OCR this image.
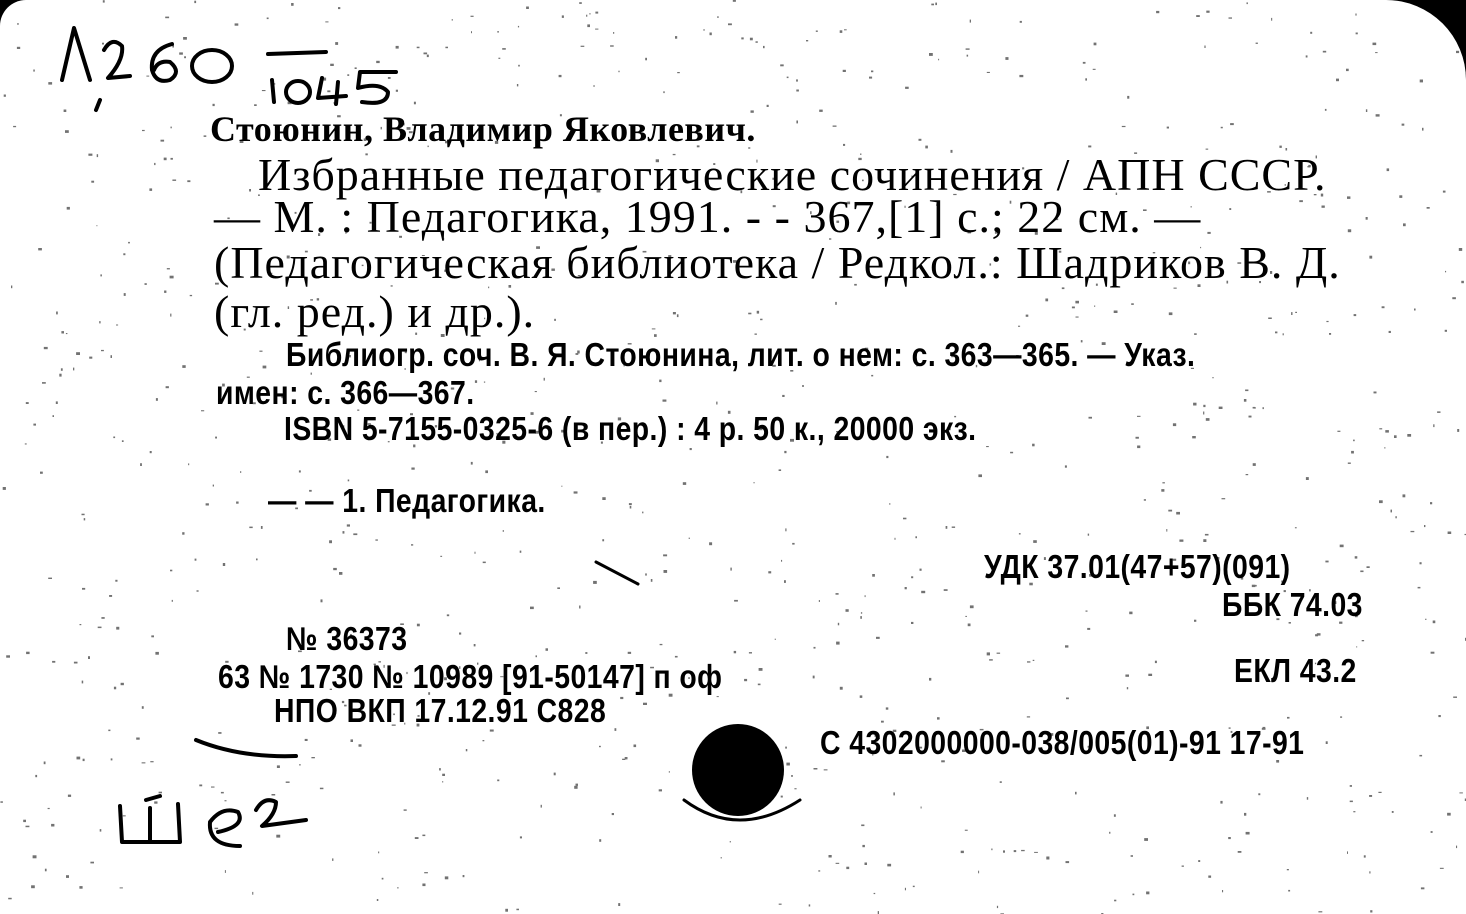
Стоюнин, Владимир Яковлевич.
Избранные педагогические сочинения / АПН СССР.
— М. : Педагогика, 1991. - - 367,[1] с.; 22 см. —
(Педагогическая библиотека / Редкол.: Шадриков В. Д.
(гл. ред.) и др.).
Библиогр. соч. В. Я. Стоюнина, лит. о нем: с. 363—365. — Указ.
имен: с. 366—367.
ISBN 5-7155-0325-6 (в пер.) : 4 р. 50 к., 20000 экз.
— — 1. Педагогика.
УДК 37.01(47+57)(091)
ББК 74.03
ЕКЛ 43.2
С 4302000000-038/005(01)-91 17-91
№ 36373
63 № 1730 № 10989 [91-50147] п оф
НПО ВКП 17.12.91 С828
